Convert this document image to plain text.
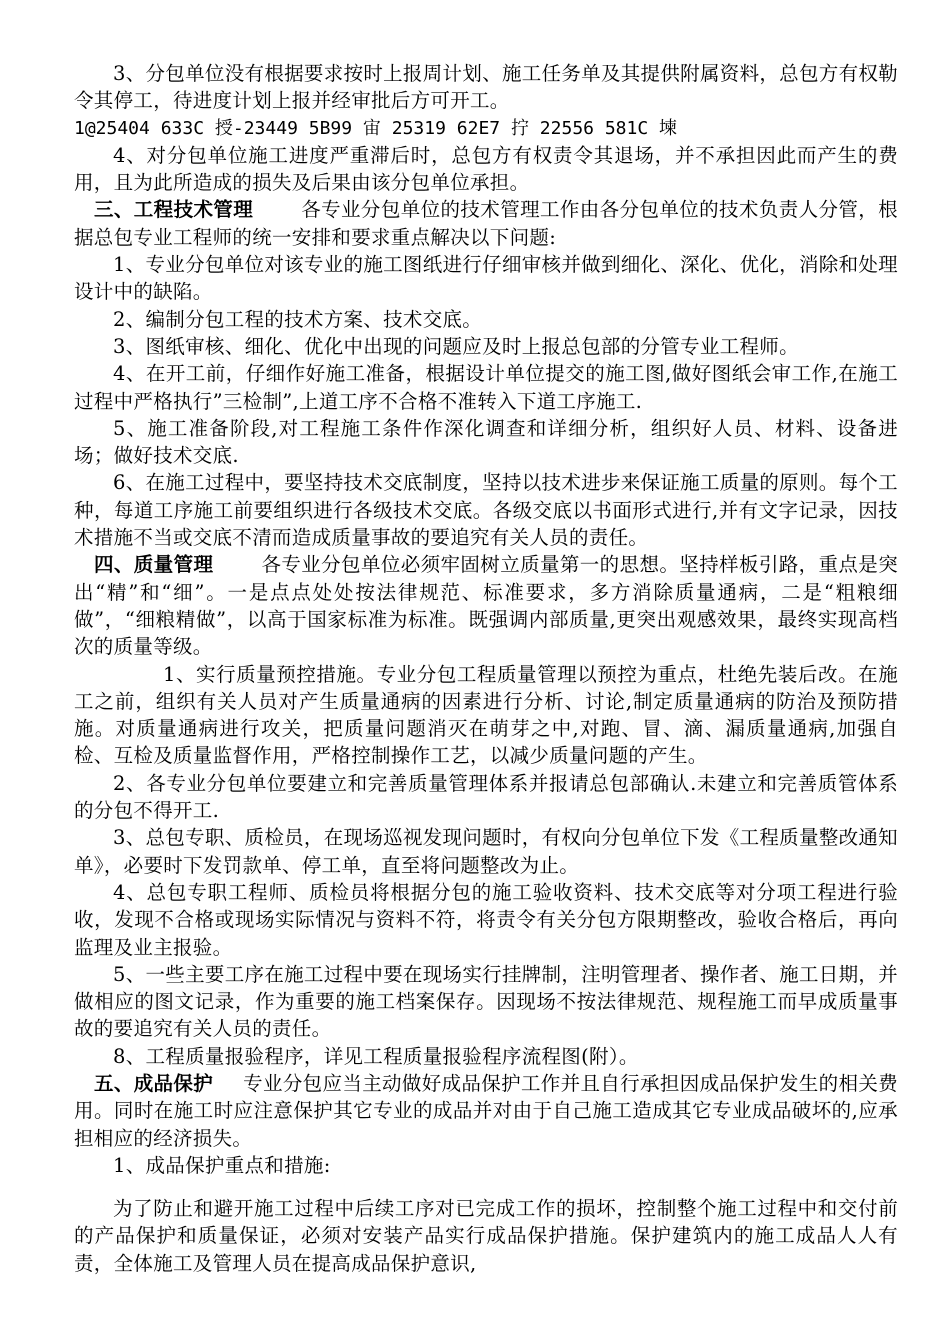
3、分包单位没有根据要求按时上报周计划、施工任务单及其提供附属资料，总包方有权勒令其停工，待进度计划上报并经审批后方可开工。

1@25404 633C 授-23449 5B99 宙 25319 62E7 拧 22556 581C 堜

4、对分包单位施工进度严重滞后时，总包方有权责令其退场，并不承担因此而产生的费用，且为此所造成的损失及后果由该分包单位承担。

三、工程技术管理 各专业分包单位的技术管理工作由各分包单位的技术负责人分管，根据总包专业工程师的统一安排和要求重点解决以下问题:

1、专业分包单位对该专业的施工图纸进行仔细审核并做到细化、深化、优化，消除和处理设计中的缺陷。

2、编制分包工程的技术方案、技术交底。

3、图纸审核、细化、优化中出现的问题应及时上报总包部的分管专业工程师。

4、在开工前，仔细作好施工准备，根据设计单位提交的施工图,做好图纸会审工作,在施工过程中严格执行”三检制”,上道工序不合格不准转入下道工序施工.

5、施工准备阶段,对工程施工条件作深化调查和详细分析，组织好人员、材料、设备进场；做好技术交底.

6、在施工过程中，要坚持技术交底制度，坚持以技术进步来保证施工质量的原则。每个工种，每道工序施工前要组织进行各级技术交底。各级交底以书面形式进行,并有文字记录，因技术措施不当或交底不清而造成质量事故的要追究有关人员的责任。

四、质量管理 各专业分包单位必须牢固树立质量第一的思想。坚持样板引路，重点是突出“精”和“细”。一是点点处处按法律规范、标准要求，多方消除质量通病，二是“粗粮细做”，“细粮精做”，以高于国家标准为标准。既强调内部质量,更突出观感效果，最终实现高档次的质量等级。

1、实行质量预控措施。专业分包工程质量管理以预控为重点，杜绝先装后改。在施工之前，组织有关人员对产生质量通病的因素进行分析、讨论,制定质量通病的防治及预防措施。对质量通病进行攻关，把质量问题消灭在萌芽之中,对跑、冒、滴、漏质量通病,加强自检、互检及质量监督作用，严格控制操作工艺，以减少质量问题的产生。

2、各专业分包单位要建立和完善质量管理体系并报请总包部确认.未建立和完善质管体系的分包不得开工.

3、总包专职、质检员，在现场巡视发现问题时，有权向分包单位下发《工程质量整改通知单》，必要时下发罚款单、停工单，直至将问题整改为止。

4、总包专职工程师、质检员将根据分包的施工验收资料、技术交底等对分项工程进行验收，发现不合格或现场实际情况与资料不符，将责令有关分包方限期整改，验收合格后，再向监理及业主报验。

5、一些主要工序在施工过程中要在现场实行挂牌制，注明管理者、操作者、施工日期，并做相应的图文记录，作为重要的施工档案保存。因现场不按法律规范、规程施工而早成质量事故的要追究有关人员的责任。

8、工程质量报验程序，详见工程质量报验程序流程图(附）。

五、成品保护 专业分包应当主动做好成品保护工作并且自行承担因成品保护发生的相关费用。同时在施工时应注意保护其它专业的成品并对由于自己施工造成其它专业成品破坏的,应承担相应的经济损失。

1、成品保护重点和措施:

为了防止和避开施工过程中后续工序对已完成工作的损坏，控制整个施工过程中和交付前的产品保护和质量保证，必须对安装产品实行成品保护措施。保护建筑内的施工成品人人有责，全体施工及管理人员在提高成品保护意识,
